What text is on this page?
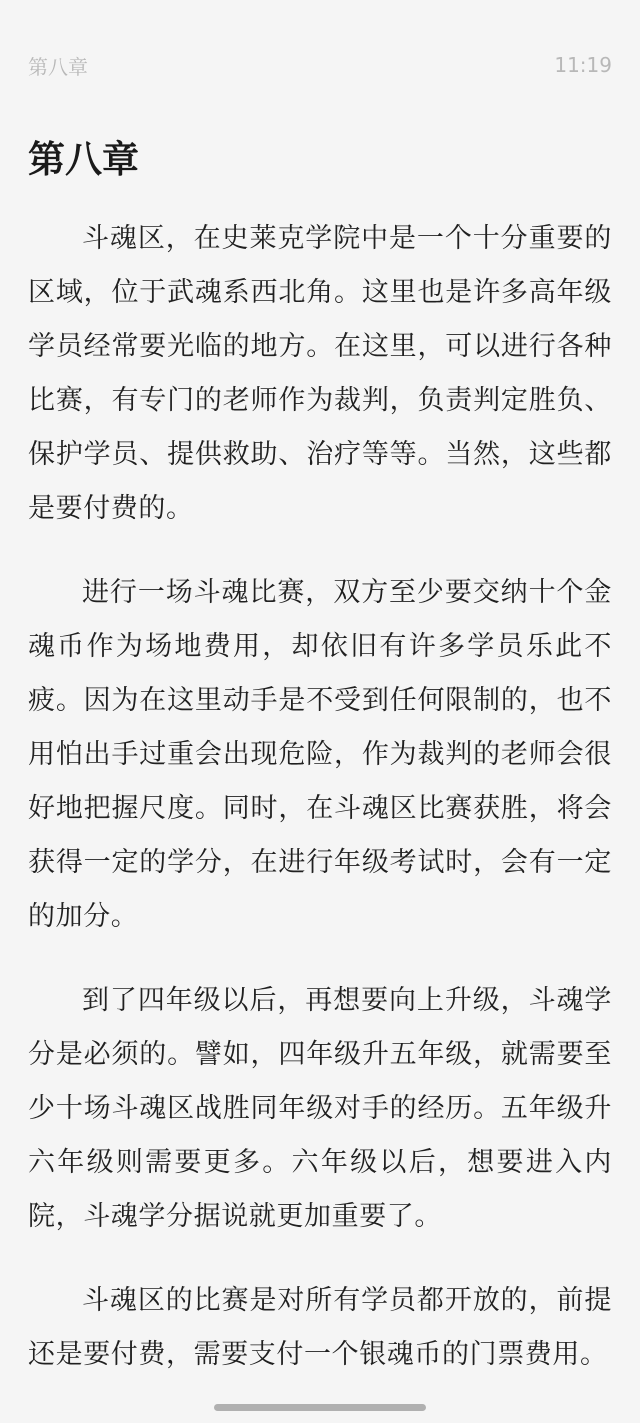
第八章	11:19
第八章

斗魂区，在史莱克学院中是一个十分重要的区域，位于武魂系西北角。这里也是许多高年级学员经常要光临的地方。在这里，可以进行各种比赛，有专门的老师作为裁判，负责判定胜负、保护学员、提供救助、治疗等等。当然，这些都是要付费的。

进行一场斗魂比赛，双方至少要交纳十个金魂币作为场地费用，却依旧有许多学员乐此不疲。因为在这里动手是不受到任何限制的，也不用怕出手过重会出现危险，作为裁判的老师会很好地把握尺度。同时，在斗魂区比赛获胜，将会获得一定的学分，在进行年级考试时，会有一定的加分。

到了四年级以后，再想要向上升级，斗魂学分是必须的。譬如，四年级升五年级，就需要至少十场斗魂区战胜同年级对手的经历。五年级升六年级则需要更多。六年级以后，想要进入内院，斗魂学分据说就更加重要了。

斗魂区的比赛是对所有学员都开放的，前提还是要付费，需要支付一个银魂币的门票费用。
